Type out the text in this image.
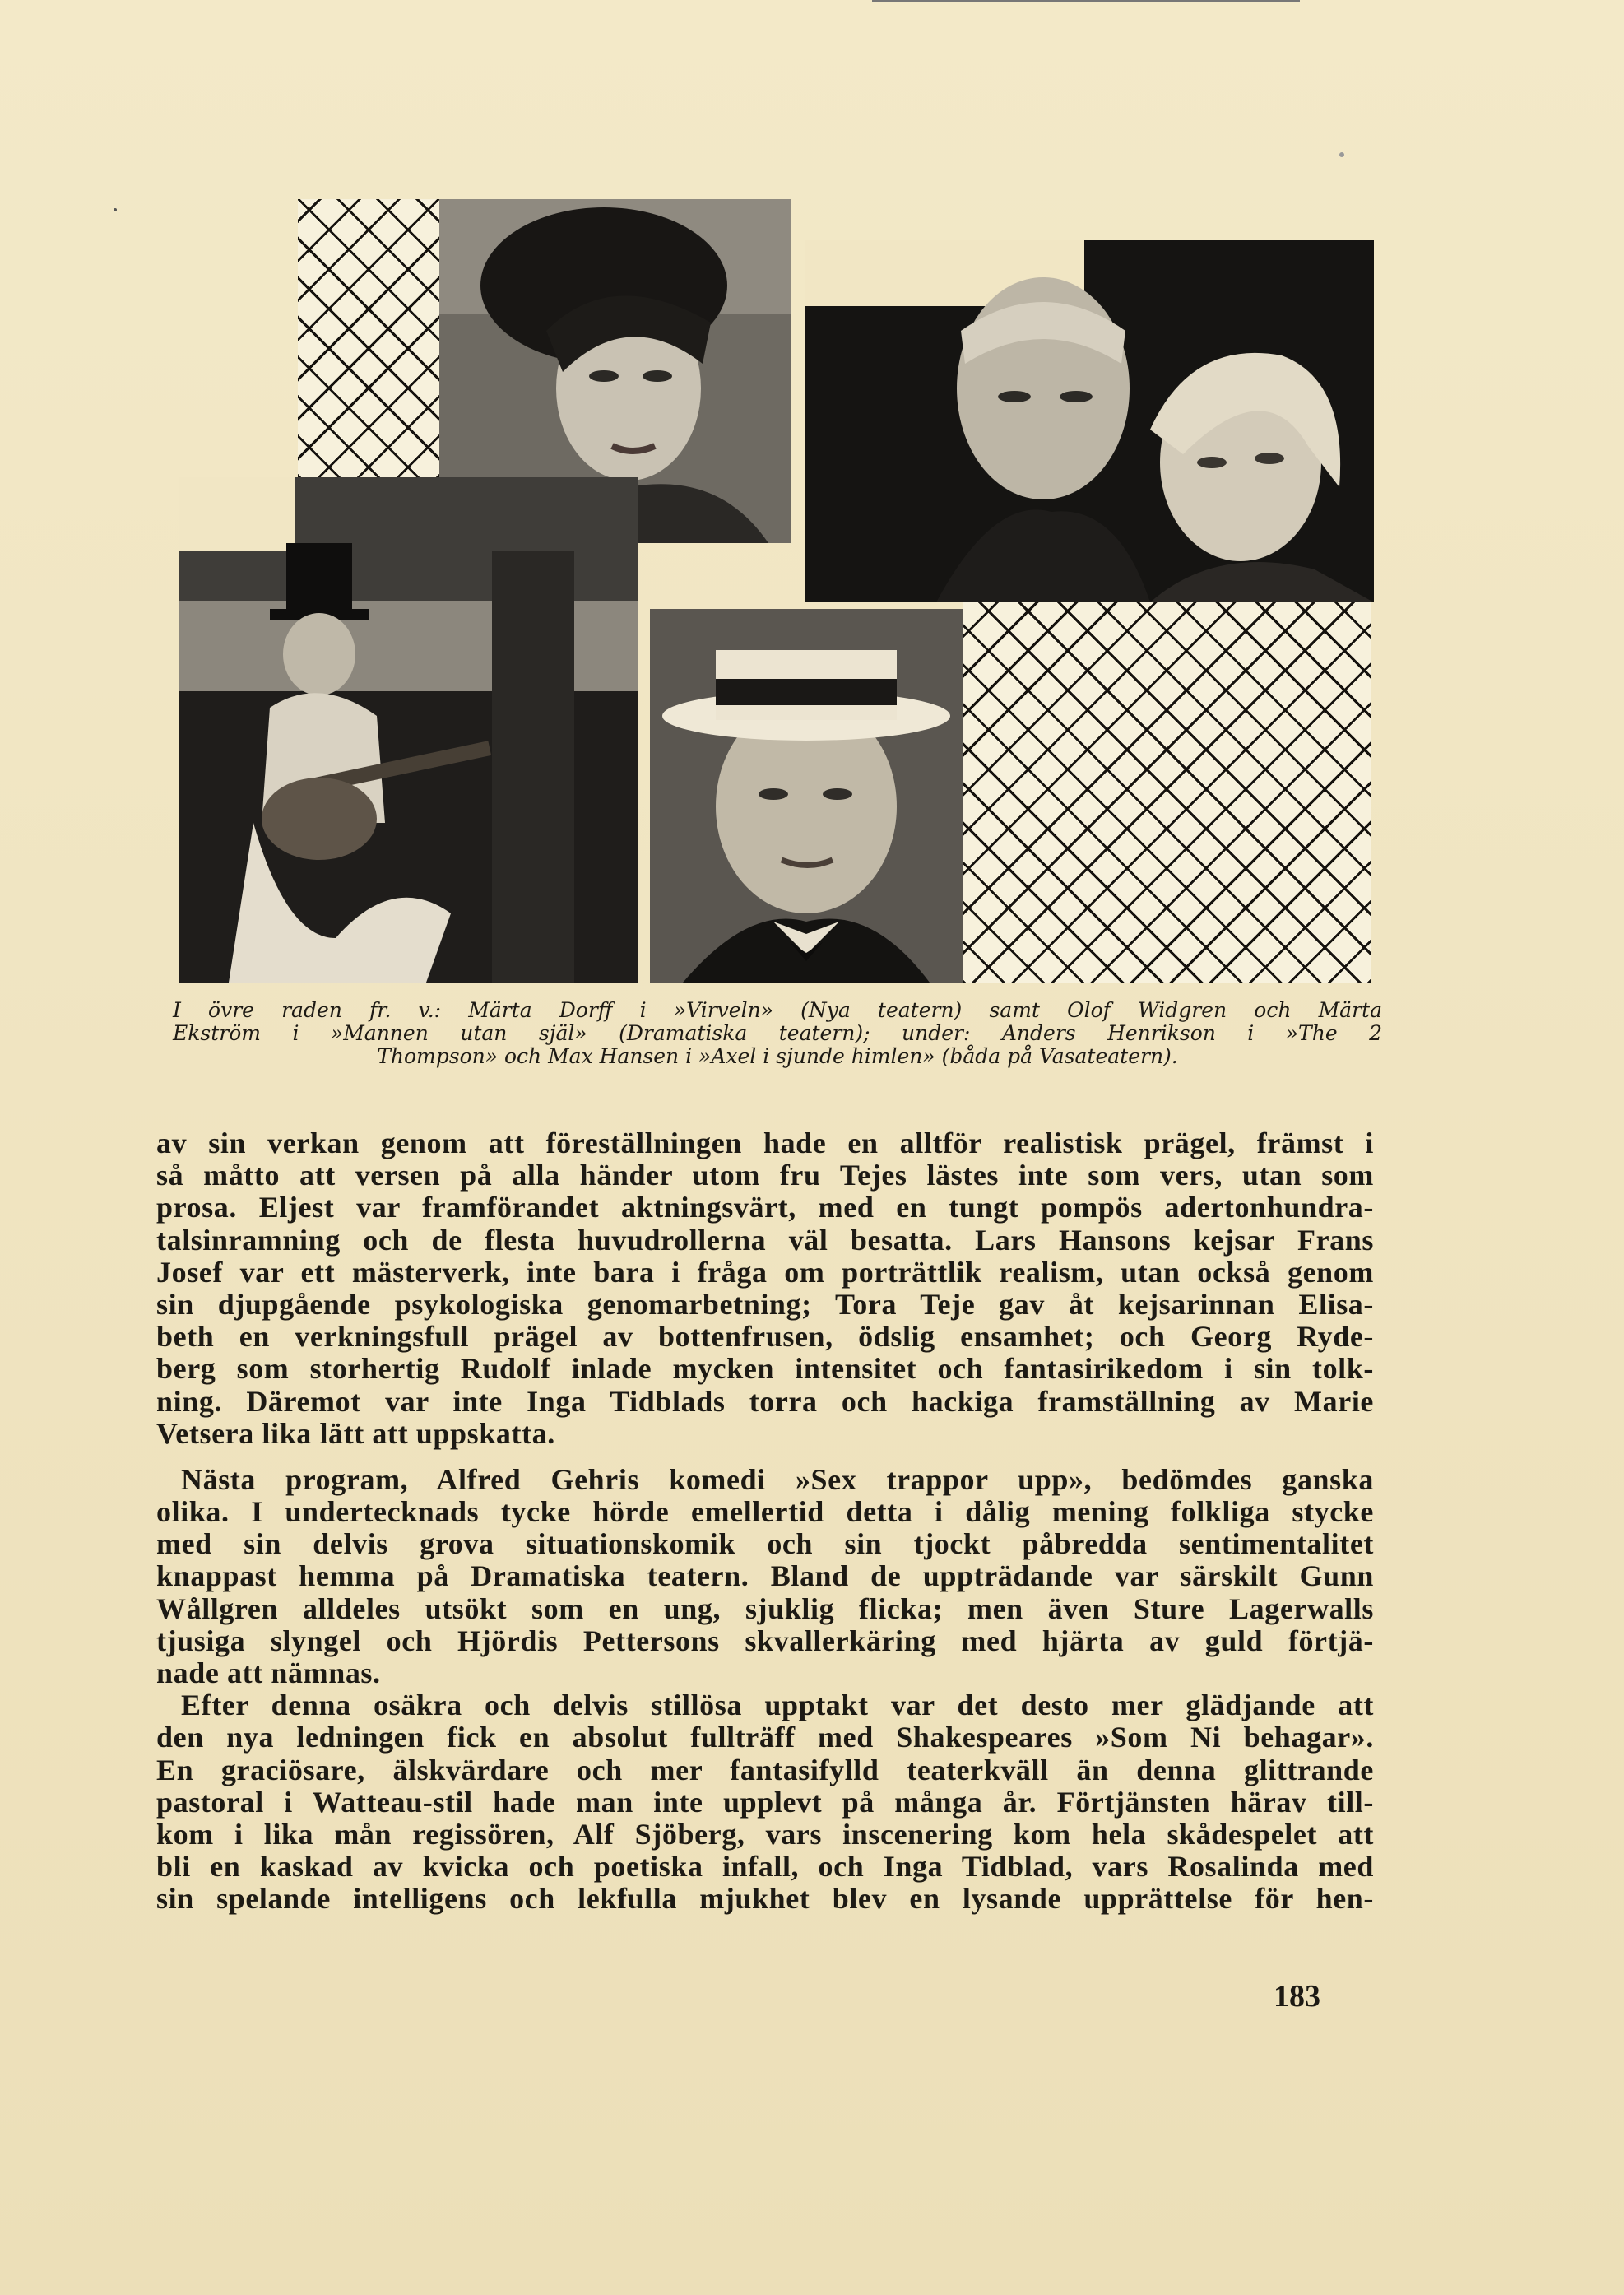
I övre raden fr. v.: Märta Dorff i »Virveln» (Nya teatern) samt Olof Widgren och Märta
Ekström i »Mannen utan själ» (Dramatiska teatern); under: Anders Henrikson i »The 2
Thompson» och Max Hansen i »Axel i sjunde himlen» (båda på Vasateatern).
av sin verkan genom att föreställningen hade en alltför realistisk prägel, främst i
så måtto att versen på alla händer utom fru Tejes lästes inte som vers, utan som
prosa. Eljest var framförandet aktningsvärt, med en tungt pompös adertonhundra-
talsinramning och de flesta huvudrollerna väl besatta. Lars Hansons kejsar Frans
Josef var ett mästerverk, inte bara i fråga om porträttlik realism, utan också genom
sin djupgående psykologiska genomarbetning; Tora Teje gav åt kejsarinnan Elisa-
beth en verkningsfull prägel av bottenfrusen, ödslig ensamhet; och Georg Ryde-
berg som storhertig Rudolf inlade mycken intensitet och fantasirikedom i sin tolk-
ning. Däremot var inte Inga Tidblads torra och hackiga framställning av Marie
Vetsera lika lätt att uppskatta.
Nästa program, Alfred Gehris komedi »Sex trappor upp», bedömdes ganska
olika. I undertecknads tycke hörde emellertid detta i dålig mening folkliga stycke
med sin delvis grova situationskomik och sin tjockt påbredda sentimentalitet
knappast hemma på Dramatiska teatern. Bland de uppträdande var särskilt Gunn
Wållgren alldeles utsökt som en ung, sjuklig flicka; men även Sture Lagerwalls
tjusiga slyngel och Hjördis Pettersons skvallerkäring med hjärta av guld förtjä-
nade att nämnas.
Efter denna osäkra och delvis stillösa upptakt var det desto mer glädjande att
den nya ledningen fick en absolut fullträff med Shakespeares »Som Ni behagar».
En graciösare, älskvärdare och mer fantasifylld teaterkväll än denna glittrande
pastoral i Watteau-stil hade man inte upplevt på många år. Förtjänsten härav till-
kom i lika mån regissören, Alf Sjöberg, vars inscenering kom hela skådespelet att
bli en kaskad av kvicka och poetiska infall, och Inga Tidblad, vars Rosalinda med
sin spelande intelligens och lekfulla mjukhet blev en lysande upprättelse för hen-
183
